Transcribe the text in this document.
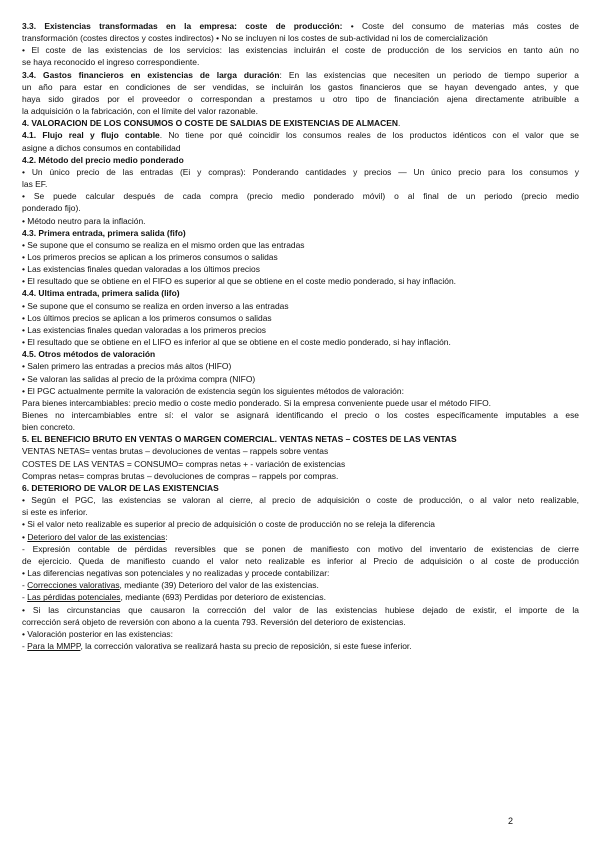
3.3. Existencias transformadas en la empresa: coste de producción: • Coste del consumo de materias más costes de
transformación (costes directos y costes indirectos) • No se incluyen ni los costes de sub-actividad ni los de comercialización
• El coste de las existencias de los servicios: las existencias incluirán el coste de producción de los servicios en tanto aún no
se haya reconocido el ingreso correspondiente.
3.4. Gastos financieros en existencias de larga duración: En las existencias que necesiten un periodo de tiempo superior a
un año para estar en condiciones de ser vendidas, se incluirán los gastos financieros que se hayan devengado antes, y que
haya sido girados por el proveedor o correspondan a prestamos u otro tipo de financiación ajena directamente atribuible a
la adquisición o la fabricación, con el límite del valor razonable.
4. VALORACION DE LOS CONSUMOS O COSTE DE SALDIAS DE EXISTENCIAS DE ALMACEN.
4.1. Flujo real y flujo contable. No tiene por qué coincidir los consumos reales de los productos idénticos con el valor que se
asigne a dichos consumos en contabilidad
4.2. Método del precio medio ponderado
• Un único precio de las entradas (Ei y compras): Ponderando cantidades y precios — Un único precio para los consumos y
las EF.
• Se puede calcular después de cada compra (precio medio ponderado móvil) o al final de un periodo (precio medio
ponderado fijo).
• Método neutro para la inflación.
4.3. Primera entrada, primera salida (fifo)
• Se supone que el consumo se realiza en el mismo orden que las entradas
• Los primeros precios se aplican a los primeros consumos o salidas
• Las existencias finales quedan valoradas a los últimos precios
• El resultado que se obtiene en el FIFO es superior al que se obtiene en el coste medio ponderado, si hay inflación.
4.4. Ultima entrada, primera salida (lifo)
• Se supone que el consumo se realiza en orden inverso a las entradas
• Los últimos precios se aplican a los primeros consumos o salidas
• Las existencias finales quedan valoradas a los primeros precios
• El resultado que se obtiene en el LIFO es inferior al que se obtiene en el coste medio ponderado, si hay inflación.
4.5. Otros métodos de valoración
• Salen primero las entradas a precios más altos (HIFO)
• Se valoran las salidas al precio de la próxima compra (NIFO)
• El PGC actualmente permite la valoración de existencia según los siguientes métodos de valoración:
Para bienes intercambiables: precio medio o coste medio ponderado. Si la empresa conveniente puede usar el método FIFO.
Bienes no intercambiables entre sí: el valor se asignará identificando el precio o los costes específicamente imputables a ese
bien concreto.
5. EL BENEFICIO BRUTO EN VENTAS O MARGEN COMERCIAL. VENTAS NETAS – COSTES DE LAS VENTAS
VENTAS NETAS= ventas brutas – devoluciones de ventas – rappels sobre ventas
COSTES DE LAS VENTAS = CONSUMO= compras netas + - variación de existencias
Compras netas= compras brutas – devoluciones de compras – rappels por compras.
6. DETERIORO DE VALOR DE LAS EXISTENCIAS
• Según el PGC, las existencias se valoran al cierre, al precio de adquisición o coste de producción, o al valor neto realizable,
si este es inferior.
• Si el valor neto realizable es superior al precio de adquisición o coste de producción no se releja la diferencia
• Deterioro del valor de las existencias:
- Expresión contable de pérdidas reversibles que se ponen de manifiesto con motivo del inventario de existencias de cierre
de ejercicio. Queda de manifiesto cuando el valor neto realizable es inferior al Precio de adquisición o al coste de producción
• Las diferencias negativas son potenciales y no realizadas y procede contabilizar:
- Correcciones valorativas, mediante (39) Deterioro del valor de las existencias.
- Las pérdidas potenciales, mediante (693) Perdidas por deterioro de existencias.
• Si las circunstancias que causaron la corrección del valor de las existencias hubiese dejado de existir, el importe de la
corrección será objeto de reversión con abono a la cuenta 793. Reversión del deterioro de existencias.
• Valoración posterior en las existencias:
- Para la MMPP, la corrección valorativa se realizará hasta su precio de reposición, si este fuese inferior.
2
